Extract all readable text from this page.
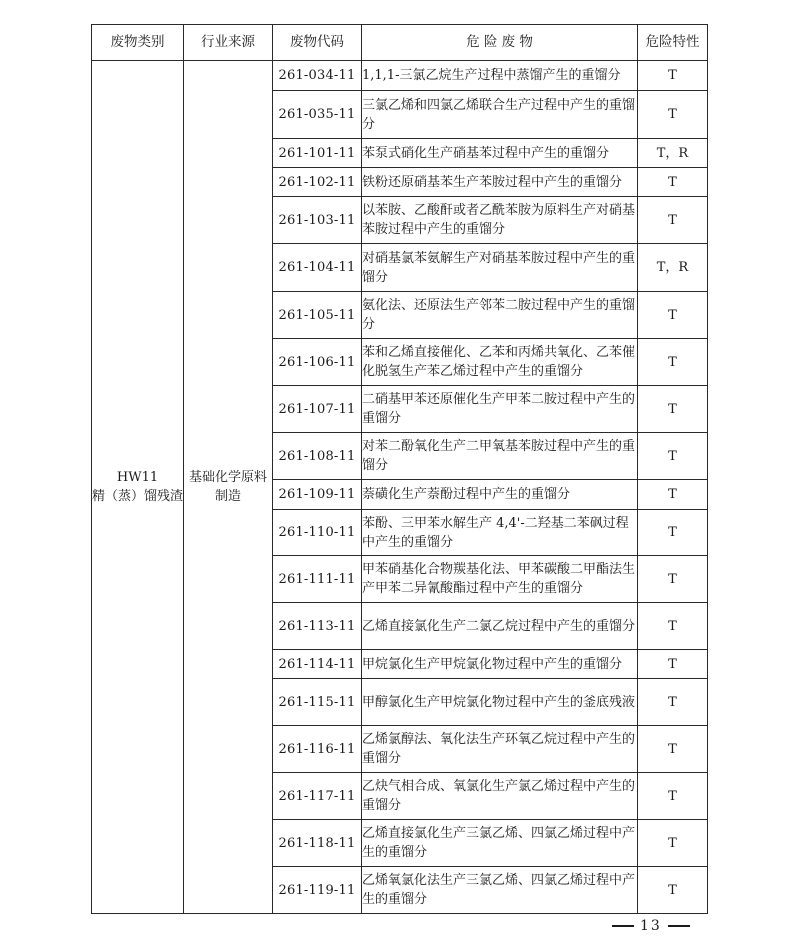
废物类别	行业来源	废物代码	危 险 废 物	危险特性

HW11
精（蒸）馏残渣	基础化学原料制造	261-034-11	1,1,1-三氯乙烷生产过程中蒸馏产生的重馏分	T
		261-035-11	三氯乙烯和四氯乙烯联合生产过程中产生的重馏分	T
		261-101-11	苯泵式硝化生产硝基苯过程中产生的重馏分	T，R
		261-102-11	铁粉还原硝基苯生产苯胺过程中产生的重馏分	T
		261-103-11	以苯胺、乙酸酐或者乙酰苯胺为原料生产对硝基苯胺过程中产生的重馏分	T
		261-104-11	对硝基氯苯氨解生产对硝基苯胺过程中产生的重馏分	T，R
		261-105-11	氨化法、还原法生产邻苯二胺过程中产生的重馏分	T
		261-106-11	苯和乙烯直接催化、乙苯和丙烯共氧化、乙苯催化脱氢生产苯乙烯过程中产生的重馏分	T
		261-107-11	二硝基甲苯还原催化生产甲苯二胺过程中产生的重馏分	T
		261-108-11	对苯二酚氧化生产二甲氧基苯胺过程中产生的重馏分	T
		261-109-11	萘磺化生产萘酚过程中产生的重馏分	T
		261-110-11	苯酚、三甲苯水解生产 4,4'-二羟基二苯砜过程中产生的重馏分	T
		261-111-11	甲苯硝基化合物羰基化法、甲苯碳酸二甲酯法生产甲苯二异氰酸酯过程中产生的重馏分	T
		261-113-11	乙烯直接氯化生产二氯乙烷过程中产生的重馏分	T
		261-114-11	甲烷氯化生产甲烷氯化物过程中产生的重馏分	T
		261-115-11	甲醇氯化生产甲烷氯化物过程中产生的釜底残液	T
		261-116-11	乙烯氯醇法、氧化法生产环氧乙烷过程中产生的重馏分	T
		261-117-11	乙炔气相合成、氧氯化生产氯乙烯过程中产生的重馏分	T
		261-118-11	乙烯直接氯化生产三氯乙烯、四氯乙烯过程中产生的重馏分	T
		261-119-11	乙烯氧氯化法生产三氯乙烯、四氯乙烯过程中产生的重馏分	T
13
